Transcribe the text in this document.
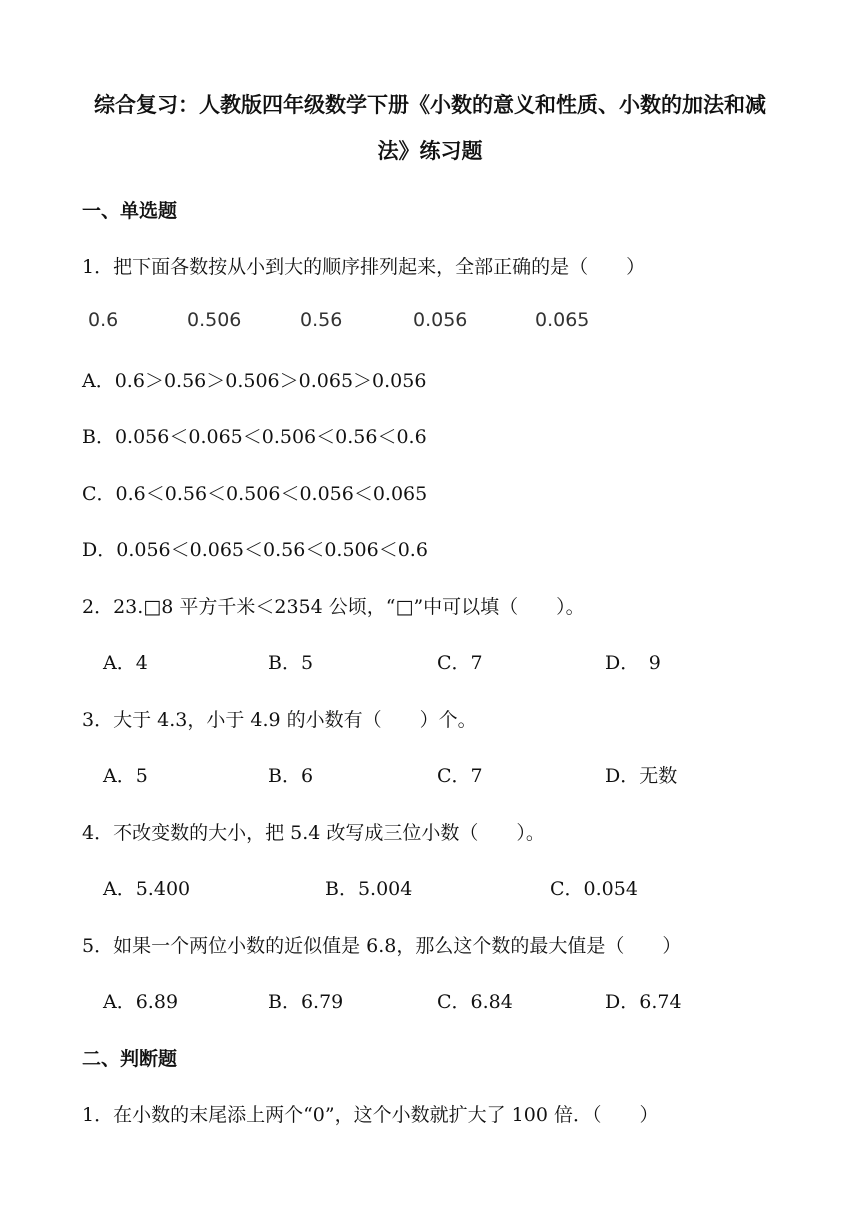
综合复习：人教版四年级数学下册《小数的意义和性质、小数的加法和减
法》练习题
一、单选题
1．把下面各数按从小到大的顺序排列起来，全部正确的是（　　）
0.6	0.506	0.56	0.056	0.065
A．0.6＞0.56＞0.506＞0.065＞0.056
B．0.056＜0.065＜0.506＜0.56＜0.6
C．0.6＜0.56＜0.506＜0.056＜0.065
D．0.056＜0.065＜0.56＜0.506＜0.6
2．23.□8 平方千米＜2354 公顷，“□”中可以填（　　）。
A．4	B．5	C．7	D．　9
3．大于 4.3，小于 4.9 的小数有（　　）个。
A．5	B．6	C．7	D．无数
4．不改变数的大小，把 5.4 改写成三位小数（　　）。
A．5.400	B．5.004	C．0.054
5．如果一个两位小数的近似值是 6.8，那么这个数的最大值是（　　）
A．6.89	B．6.79	C．6.84	D．6.74
二、判断题
1．在小数的末尾添上两个“0”，这个小数就扩大了 100 倍．（　　）
